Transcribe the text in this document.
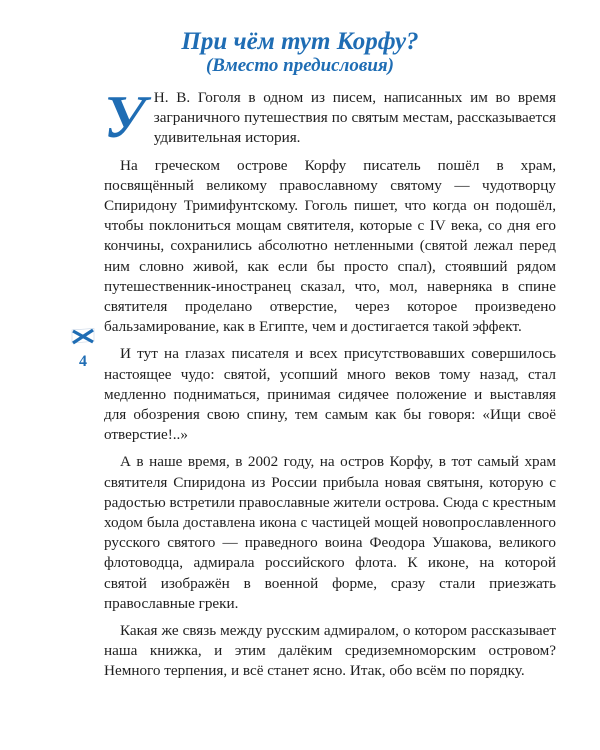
При чём тут Корфу?
(Вместо предисловия)

У Н. В. Гоголя в одном из писем, написанных им во время заграничного путешествия по святым местам, рассказывается удивительная история.

На греческом острове Корфу писатель пошёл в храм, посвящённый великому православному святому — чудотворцу Спиридону Тримифунтскому. Гоголь пишет, что когда он подошёл, чтобы поклониться мощам святителя, которые с IV века, со дня его кончины, сохранились абсолютно нетленными (святой лежал перед ним словно живой, как если бы просто спал), стоявший рядом путешественник-иностранец сказал, что, мол, наверняка в спине святителя проделано отверстие, через которое произведено бальзамирование, как в Египте, чем и достигается такой эффект.

И тут на глазах писателя и всех присутствовавших совершилось настоящее чудо: святой, усопший много веков тому назад, стал медленно подниматься, принимая сидячее положение и выставляя для обозрения свою спину, тем самым как бы говоря: «Ищи своё отверстие!..»

А в наше время, в 2002 году, на остров Корфу, в тот самый храм святителя Спиридона из России прибыла новая святыня, которую с радостью встретили православные жители острова. Сюда с крестным ходом была доставлена икона с частицей мощей новопрославленного русского святого — праведного воина Феодора Ушакова, великого флотоводца, адмирала российского флота. К иконе, на которой святой изображён в военной форме, сразу стали приезжать православные греки.

Какая же связь между русским адмиралом, о котором рассказывает наша книжка, и этим далёким средиземноморским островом? Немного терпения, и всё станет ясно. Итак, обо всём по порядку.

4
